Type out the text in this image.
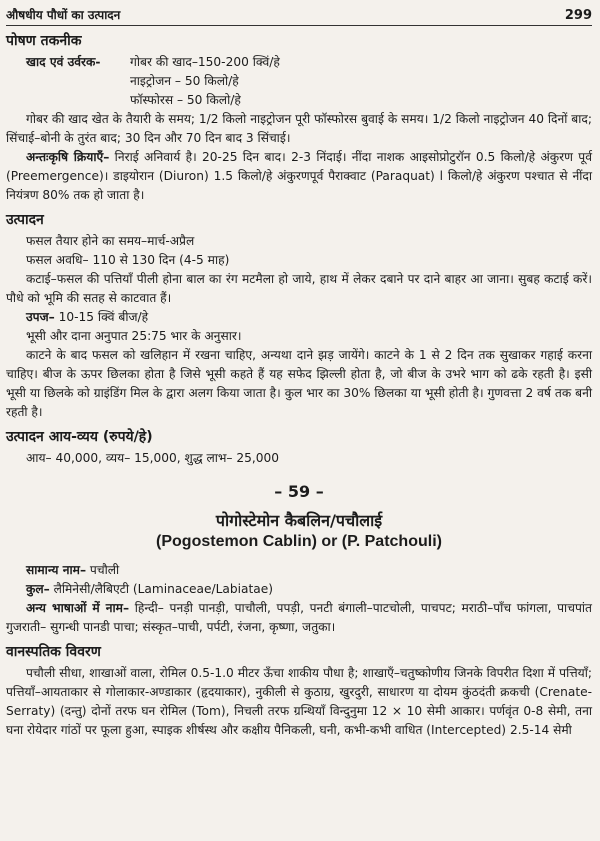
औषधीय पौधों का उत्पादन	299
पोषण तकनीक
खाद एवं उर्वरक-	गोबर की खाद–150-200 क्विं/हे
नाइट्रोजन – 50 किलो/हे
फॉस्फोरस – 50 किलो/हे

गोबर की खाद खेत के तैयारी के समय; 1/2 किलो नाइट्रोजन पूरी फॉस्फोरस बुवाई के समय। 1/2 किलो नाइट्रोजन 40 दिनों बाद; सिंचाई–बोनी के तुरंत बाद; 30 दिन और 70 दिन बाद 3 सिंचाई।

अन्तःकृषि क्रियाएँ– निराई अनिवार्य है। 20-25 दिन बाद। 2-3 निंदाई। नींदा नाशक आइसोप्रोटुरॉन 0.5 किलो/हे अंकुरण पूर्व (Preemergence)। डाइयोरान (Diuron) 1.5 किलो/हे अंकुरणपूर्व पैराक्वाट (Paraquat) l किलो/हे अंकुरण पश्चात से नींदा नियंत्रण 80% तक हो जाता है।

उत्पादन

फसल तैयार होने का समय–मार्च-अप्रैल

फसल अवधि– 110 से 130 दिन (4-5 माह)

कटाई–फसल की पत्तियाँ पीली होना बाल का रंग मटमैला हो जाये, हाथ में लेकर दबाने पर दाने बाहर आ जाना। सुबह कटाई करें। पौधे को भूमि की सतह से काटवात हैं।

उपज– 10-15 क्विं बीज/हे

भूसी और दाना अनुपात 25:75 भार के अनुसार।

काटने के बाद फसल को खलिहान में रखना चाहिए, अन्यथा दाने झड़ जायेंगे। काटने के 1 से 2 दिन तक सुखाकर गहाई करना चाहिए। बीज के ऊपर छिलका होता है जिसे भूसी कहते हैं यह सफेद झिल्ली होता है, जो बीज के उभरे भाग को ढके रहती है। इसी भूसी या छिलके को ग्राइंडिंग मिल के द्वारा अलग किया जाता है। कुल भार का 30% छिलका या भूसी होती है। गुणवत्ता 2 वर्ष तक बनी रहती है।

उत्पादन आय-व्यय (रुपये/हे)

आय– 40,000, व्यय– 15,000, शुद्ध लाभ– 25,000

– 59 –
पोगोस्टेमोन कैबलिन/पचौलाई
(Pogostemon Cablin) or (P. Patchouli)

सामान्य नाम– पचौली

कुल– लैमिनेसी/लैबिएटी (Laminaceae/Labiatae)

अन्य भाषाओं में नाम– हिन्दी– पनड़ी पानड़ी, पाचौली, पपड़ी, पनटी बंगाली–पाटचोली, पाचपट; मराठी–पाँच फांगला, पाचपांत गुजराती– सुगन्धी पानडी पाचा; संस्कृत–पाची, पर्पटी, रंजना, कृष्णा, जतुका।

वानस्पतिक विवरण

पचौली सीधा, शाखाओं वाला, रोमिल 0.5-1.0 मीटर ऊँचा शाकीय पौधा है; शाखाएँ–चतुष्कोणीय जिनके विपरीत दिशा में पत्तियाँ; पत्तियाँ–आयताकार से गोलाकार-अण्डाकार (हृदयाकार), नुकीली से कुठाग्र, खुरदुरी, साधारण या दोयम कुंठदंती क्रकची (Crenate-Serraty) (दन्तु) दोनों तरफ घन रोमिल (Tom), निचली तरफ ग्रन्थियाँ विन्दुनुमा 12 × 10 सेमी आकार। पर्णवृंत 0-8 सेमी, तना घना रोयेदार गांठों पर फूला हुआ, स्पाइक शीर्षस्थ और कक्षीय पैनिकली, घनी, कभी-कभी वाधित (Intercepted) 2.5-14 सेमी
